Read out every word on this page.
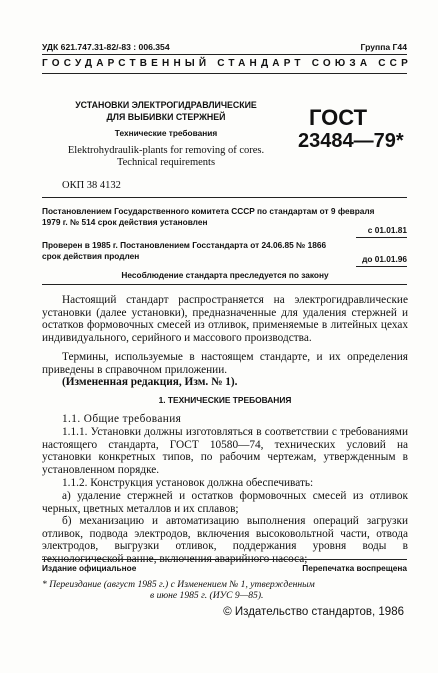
УДК 621.747.31-82/-83 : 006.354	Группа Г44
ГОСУДАРСТВЕННЫЙ СТАНДАРТ СОЮЗА ССР
УСТАНОВКИ ЭЛЕКТРОГИДРАВЛИЧЕСКИЕ
ДЛЯ ВЫБИВКИ СТЕРЖНЕЙ
Технические требования
Elektrohydraulik-plants for removing of cores.
Technical requirements
ГОСТ
23484—79*
ОКП 38 4132
Постановлением Государственного комитета СССР по стандартам от 9 февраля
1979 г. № 514 срок действия установлен
с 01.01.81
Проверен в 1985 г. Постановлением Госстандарта от 24.06.85 № 1866
срок действия продлен	до 01.01.96
Несоблюдение стандарта преследуется по закону
Настоящий стандарт распространяется на электрогидравлические установки (далее установки), предназначенные для удаления стержней и остатков формовочных смесей из отливок, применяемые в литейных цехах индивидуального, серийного и массового производства.
Термины, используемые в настоящем стандарте, и их определения приведены в справочном приложении.
(Измененная редакция, Изм. № 1).
1. ТЕХНИЧЕСКИЕ ТРЕБОВАНИЯ
1.1. Общие требования
1.1.1. Установки должны изготовляться в соответствии с требованиями настоящего стандарта, ГОСТ 10580—74, технических условий на установки конкретных типов, по рабочим чертежам, утвержденным в установленном порядке.
1.1.2. Конструкция установок должна обеспечивать:
а) удаление стержней и остатков формовочных смесей из отливок черных, цветных металлов и их сплавов;
б) механизацию и автоматизацию выполнения операций загрузки отливок, подвода электродов, включения высоковольтной части, отвода электродов, выгрузки отливок, поддержания уровня воды в технологической ванне, включения аварийного насоса;
Издание официальное	Перепечатка воспрещена
* Переиздание (август 1985 г.) с Изменением № 1, утвержденным
в июне 1985 г. (ИУС 9—85).
© Издательство стандартов, 1986
